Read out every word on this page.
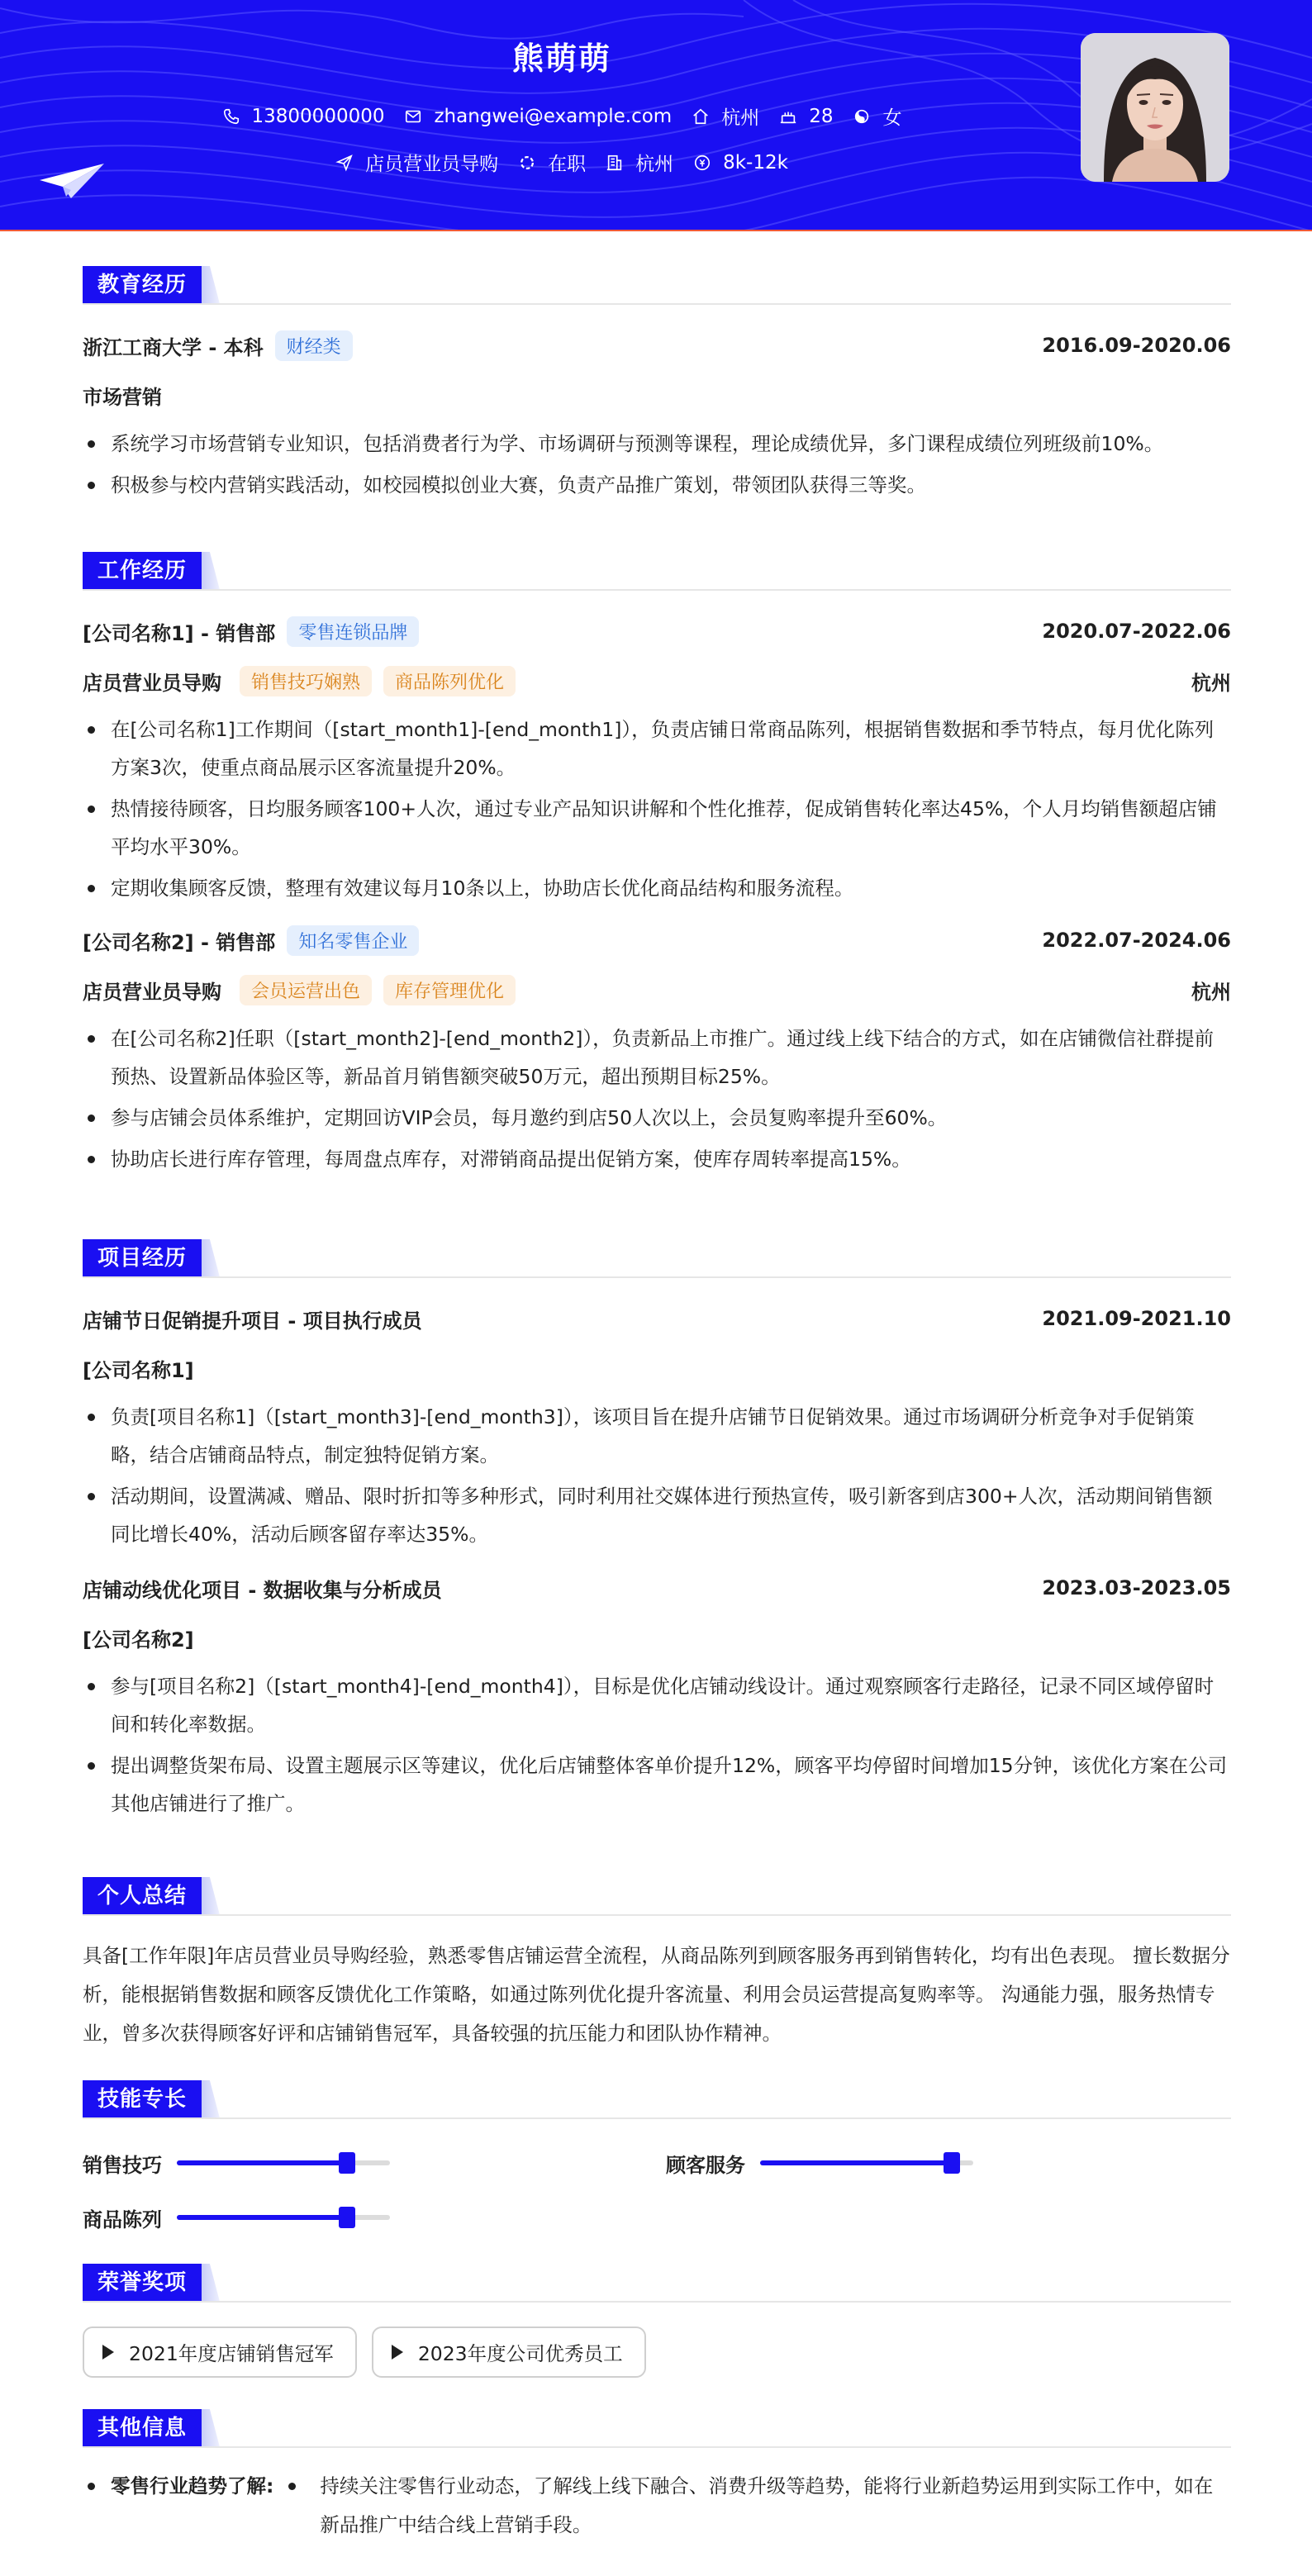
熊萌萌
13800000000	zhangwei@example.com	杭州	28	女
店员营业员导购	在职	杭州	8k-12k
教育经历
浙江工商大学 - 本科	财经类	2016.09-2020.06
市场营销
系统学习市场营销专业知识，包括消费者行为学、市场调研与预测等课程，理论成绩优异，多门课程成绩位列班级前10%。
积极参与校内营销实践活动，如校园模拟创业大赛，负责产品推广策划，带领团队获得三等奖。
工作经历
[公司名称1] - 销售部	零售连锁品牌	2020.07-2022.06
店员营业员导购	销售技巧娴熟	商品陈列优化	杭州
在[公司名称1]工作期间（[start_month1]-[end_month1]），负责店铺日常商品陈列，根据销售数据和季节特点，每月优化陈列方案3次，使重点商品展示区客流量提升20%。
热情接待顾客，日均服务顾客100+人次，通过专业产品知识讲解和个性化推荐，促成销售转化率达45%，个人月均销售额超店铺平均水平30%。
定期收集顾客反馈，整理有效建议每月10条以上，协助店长优化商品结构和服务流程。
[公司名称2] - 销售部	知名零售企业	2022.07-2024.06
店员营业员导购	会员运营出色	库存管理优化	杭州
在[公司名称2]任职（[start_month2]-[end_month2]），负责新品上市推广。通过线上线下结合的方式，如在店铺微信社群提前预热、设置新品体验区等，新品首月销售额突破50万元，超出预期目标25%。
参与店铺会员体系维护，定期回访VIP会员，每月邀约到店50人次以上，会员复购率提升至60%。
协助店长进行库存管理，每周盘点库存，对滞销商品提出促销方案，使库存周转率提高15%。
项目经历
店铺节日促销提升项目 - 项目执行成员	2021.09-2021.10
[公司名称1]
负责[项目名称1]（[start_month3]-[end_month3]），该项目旨在提升店铺节日促销效果。通过市场调研分析竞争对手促销策略，结合店铺商品特点，制定独特促销方案。
活动期间，设置满减、赠品、限时折扣等多种形式，同时利用社交媒体进行预热宣传，吸引新客到店300+人次，活动期间销售额同比增长40%，活动后顾客留存率达35%。
店铺动线优化项目 - 数据收集与分析成员	2023.03-2023.05
[公司名称2]
参与[项目名称2]（[start_month4]-[end_month4]），目标是优化店铺动线设计。通过观察顾客行走路径，记录不同区域停留时间和转化率数据。
提出调整货架布局、设置主题展示区等建议，优化后店铺整体客单价提升12%，顾客平均停留时间增加15分钟，该优化方案在公司其他店铺进行了推广。
个人总结
具备[工作年限]年店员营业员导购经验，熟悉零售店铺运营全流程，从商品陈列到顾客服务再到销售转化，均有出色表现。 擅长数据分析，能根据销售数据和顾客反馈优化工作策略，如通过陈列优化提升客流量、利用会员运营提高复购率等。 沟通能力强，服务热情专业，曾多次获得顾客好评和店铺销售冠军，具备较强的抗压能力和团队协作精神。
技能专长
销售技巧	顾客服务
商品陈列
荣誉奖项
2021年度店铺销售冠军	2023年度公司优秀员工
其他信息
零售行业趋势了解:	持续关注零售行业动态，了解线上线下融合、消费升级等趋势，能将行业新趋势运用到实际工作中，如在新品推广中结合线上营销手段。
